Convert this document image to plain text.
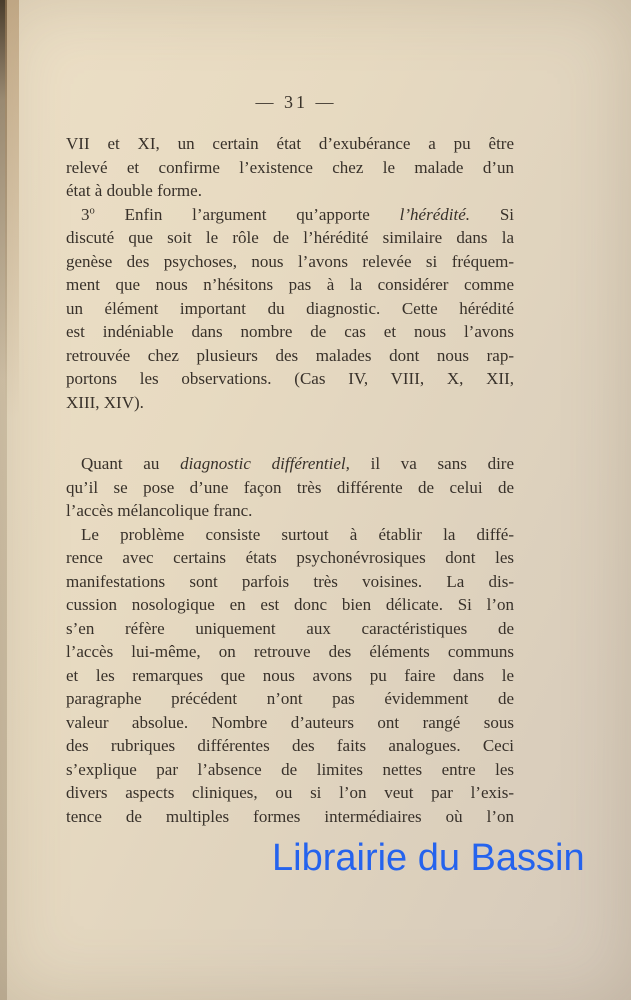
— 31 —
VII et XI, un certain état d’exubérance a pu être
relevé et confirme l’existence chez le malade d’un
état à double forme.
3$^o$ Enfin l’argument qu’apporte l’hérédité. Si
discuté que soit le rôle de l’hérédité similaire dans la
genèse des psychoses, nous l’avons relevée si fréquem-
ment que nous n’hésitons pas à la considérer comme
un élément important du diagnostic. Cette hérédité
est indéniable dans nombre de cas et nous l’avons
retrouvée chez plusieurs des malades dont nous rap-
portons les observations. (Cas IV, VIII, X, XII,
XIII, XIV).
Quant au diagnostic différentiel, il va sans dire
qu’il se pose d’une façon très différente de celui de
l’accès mélancolique franc.
Le problème consiste surtout à établir la diffé-
rence avec certains états psychonévrosiques dont les
manifestations sont parfois très voisines. La dis-
cussion nosologique en est donc bien délicate. Si l’on
s’en réfère uniquement aux caractéristiques de
l’accès lui-même, on retrouve des éléments communs
et les remarques que nous avons pu faire dans le
paragraphe précédent n’ont pas évidemment de
valeur absolue. Nombre d’auteurs ont rangé sous
des rubriques différentes des faits analogues. Ceci
s’explique par l’absence de limites nettes entre les
divers aspects cliniques, ou si l’on veut par l’exis-
tence de multiples formes intermédiaires où l’on
Librairie du Bassin
